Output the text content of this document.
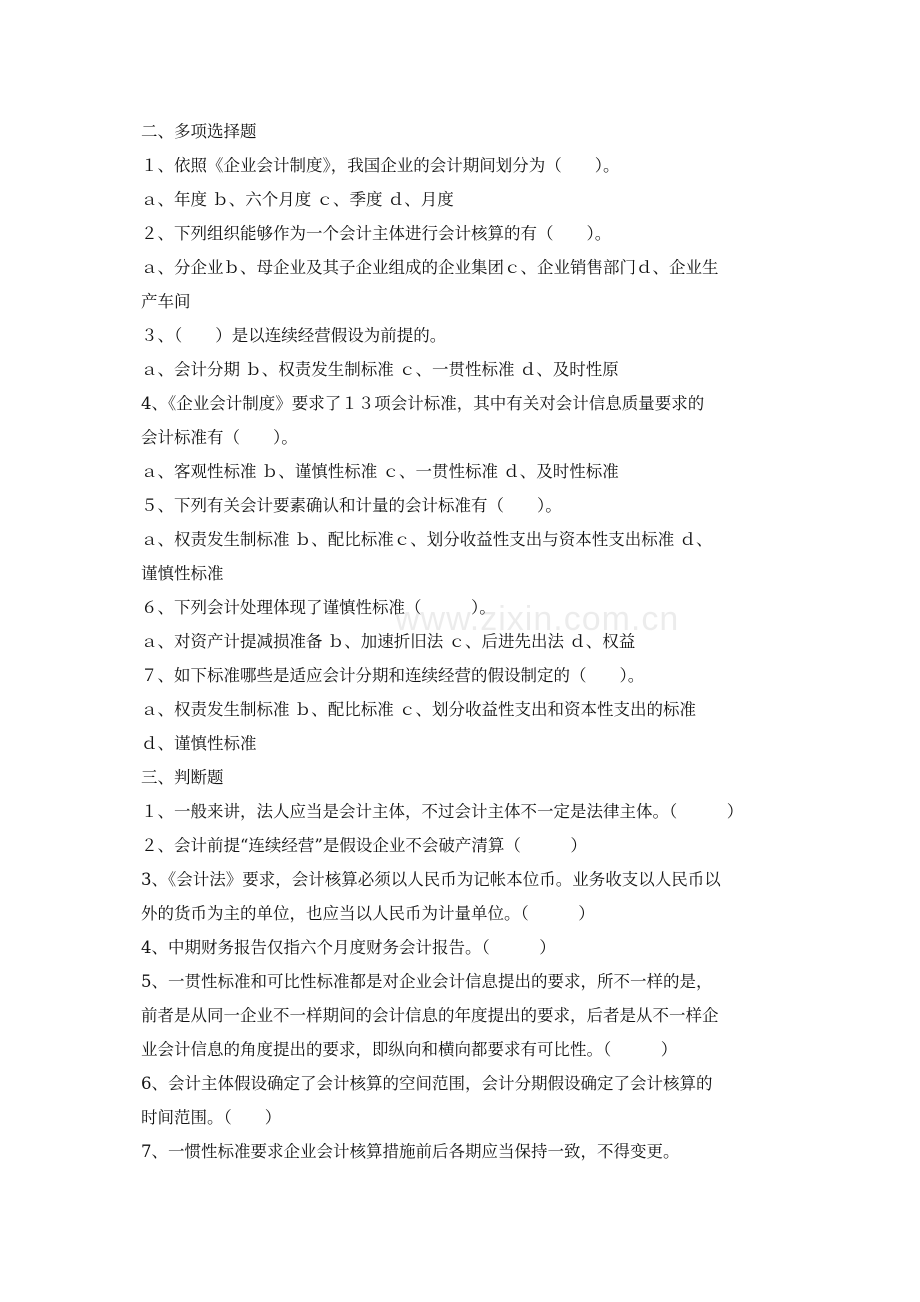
二、多项选择题
１、依照《企业会计制度》，我国企业的会计期间划分为（　　）。
ａ、年度 ｂ、六个月度 ｃ、季度 ｄ、月度
２、下列组织能够作为一个会计主体进行会计核算的有（　　）。
ａ、分企业ｂ、母企业及其子企业组成的企业集团ｃ、企业销售部门ｄ、企业生
产车间
３、（　　）是以连续经营假设为前提的。
ａ、会计分期 ｂ、权责发生制标准 ｃ、一贯性标准 ｄ、及时性原
4、《企业会计制度》要求了１３项会计标准，其中有关对会计信息质量要求的
会计标准有（　　）。
ａ、客观性标准 ｂ、谨慎性标准 ｃ、一贯性标准 ｄ、及时性标准
５、下列有关会计要素确认和计量的会计标准有（　　）。
ａ、权责发生制标准 ｂ、配比标准ｃ、划分收益性支出与资本性支出标准 ｄ、
谨慎性标准
６、下列会计处理体现了谨慎性标准（　　　）。
ａ、对资产计提减损准备 ｂ、加速折旧法 ｃ、后进先出法 ｄ、权益
７、如下标准哪些是适应会计分期和连续经营的假设制定的（　　）。
ａ、权责发生制标准 ｂ、配比标准 ｃ、划分收益性支出和资本性支出的标准
ｄ、谨慎性标准
三、判断题
１、一般来讲，法人应当是会计主体，不过会计主体不一定是法律主体。（　　　）
２、会计前提“连续经营”是假设企业不会破产清算（　　　）
3、《会计法》要求，会计核算必须以人民币为记帐本位币。业务收支以人民币以
外的货币为主的单位，也应当以人民币为计量单位。（　　　）
4、中期财务报告仅指六个月度财务会计报告。（　　　）
5、一贯性标准和可比性标准都是对企业会计信息提出的要求，所不一样的是，
前者是从同一企业不一样期间的会计信息的年度提出的要求，后者是从不一样企
业会计信息的角度提出的要求，即纵向和横向都要求有可比性。（　　　）
6、会计主体假设确定了会计核算的空间范围，会计分期假设确定了会计核算的
时间范围。（　　）
7、一惯性标准要求企业会计核算措施前后各期应当保持一致，不得变更。
www.zixin.com.cn
